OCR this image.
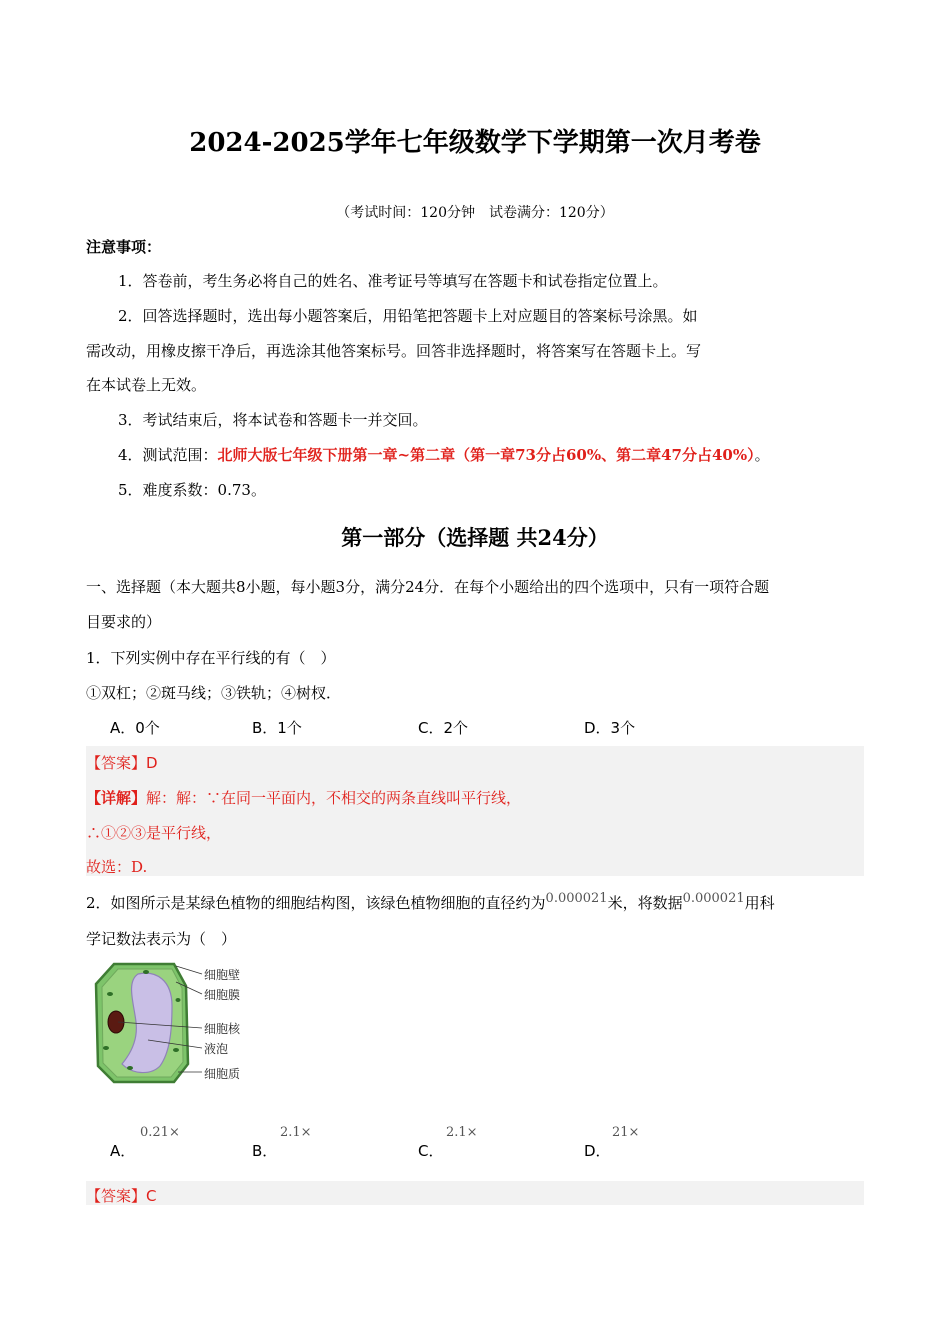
2024-2025学年七年级数学下学期第一次月考卷
（考试时间：120分钟　试卷满分：120分）
注意事项：
1．答卷前，考生务必将自己的姓名、准考证号等填写在答题卡和试卷指定位置上。
2．回答选择题时，选出每小题答案后，用铅笔把答题卡上对应题目的答案标号涂黑。如
需改动，用橡皮擦干净后，再选涂其他答案标号。回答非选择题时，将答案写在答题卡上。写
在本试卷上无效。
3．考试结束后，将本试卷和答题卡一并交回。
4．测试范围：北师大版七年级下册第一章~第二章（第一章73分占60%、第二章47分占40%）。
5．难度系数：0.73。
第一部分（选择题 共24分）
一、选择题（本大题共8小题，每小题3分，满分24分．在每个小题给出的四个选项中，只有一项符合题
目要求的）
1．下列实例中存在平行线的有（　）
①双杠；②斑马线；③铁轨；④树杈．
A．0个	B．1个	C．2个	D．3个
【答案】D
【详解】解：解：∵在同一平面内，不相交的两条直线叫平行线，
∴①②③是平行线，
故选：D.
2．如图所示是某绿色植物的细胞结构图，该绿色植物细胞的直径约为0.000021米，将数据0.000021用科
学记数法表示为（　）
细胞壁
细胞膜
细胞核
液泡
细胞质
A．
0.21×
B．
2.1×
C．
2.1×
D．
21×
【答案】C
